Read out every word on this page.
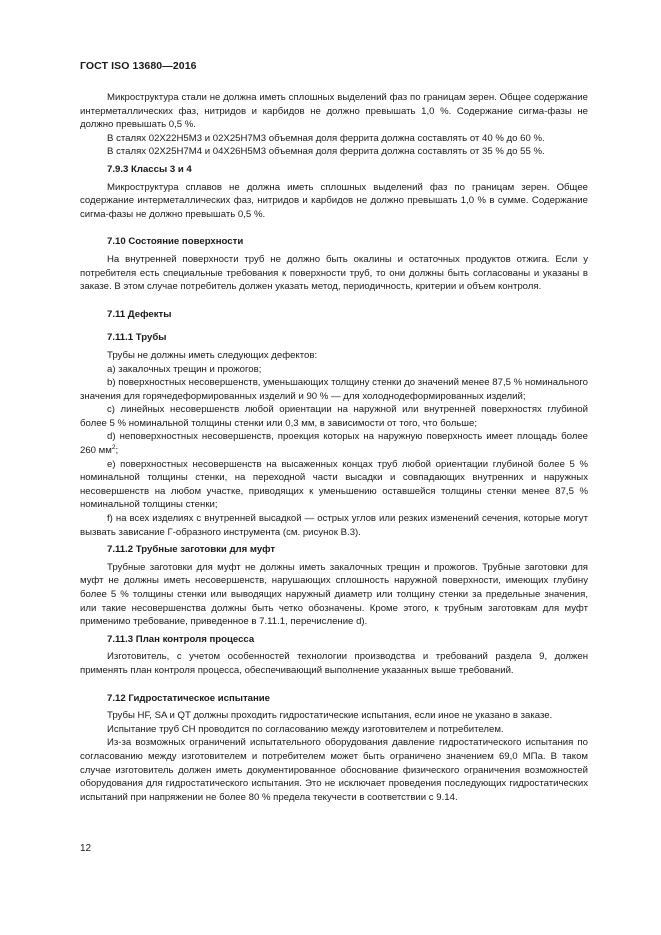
ГОСТ ISO 13680—2016

Микроструктура стали не должна иметь сплошных выделений фаз по границам зерен. Общее содержание интерметаллических фаз, нитридов и карбидов не должно превышать 1,0 %. Содержание сигма-фазы не должно превышать 0,5 %.

В сталях 02Х22Н5М3 и 02Х25Н7М3 объемная доля феррита должна составлять от 40 % до 60 %.

В сталях 02Х25Н7М4 и 04Х26Н5М3 объемная доля феррита должна составлять от 35 % до 55 %.

7.9.3 Классы 3 и 4

Микроструктура сплавов не должна иметь сплошных выделений фаз по границам зерен. Общее содержание интерметаллических фаз, нитридов и карбидов не должно превышать 1,0 % в сумме. Содержание сигма-фазы не должно превышать 0,5 %.

7.10 Состояние поверхности

На внутренней поверхности труб не должно быть окалины и остаточных продуктов отжига. Если у потребителя есть специальные требования к поверхности труб, то они должны быть согласованы и указаны в заказе. В этом случае потребитель должен указать метод, периодичность, критерии и объем контроля.

7.11 Дефекты
7.11.1 Трубы

Трубы не должны иметь следующих дефектов:

а) закалочных трещин и прожогов;

b) поверхностных несовершенств, уменьшающих толщину стенки до значений менее 87,5 % номинального значения для горячедеформированных изделий и 90 % — для холоднодеформированных изделий;

с) линейных несовершенств любой ориентации на наружной или внутренней поверхностях глубиной более 5 % номинальной толщины стенки или 0,3 мм, в зависимости от того, что больше;

d) неповерхностных несовершенств, проекция которых на наружную поверхность имеет площадь более 260 $мм^2$;

е) поверхностных несовершенств на высаженных концах труб любой ориентации глубиной более 5 % номинальной толщины стенки, на переходной части высадки и совпадающих внутренних и наружных несовершенств на любом участке, приводящих к уменьшению оставшейся толщины стенки менее 87,5 % номинальной толщины стенки;

f) на всех изделиях с внутренней высадкой — острых углов или резких изменений сечения, которые могут вызвать зависание Г-образного инструмента (см. рисунок В.3).

7.11.2 Трубные заготовки для муфт

Трубные заготовки для муфт не должны иметь закалочных трещин и прожогов. Трубные заготовки для муфт не должны иметь несовершенств, нарушающих сплошность наружной поверхности, имеющих глубину более 5 % толщины стенки или выводящих наружный диаметр или толщину стенки за предельные значения, или такие несовершенства должны быть четко обозначены. Кроме этого, к трубным заготовкам для муфт применимо требование, приведенное в 7.11.1, перечисление d).

7.11.3 План контроля процесса

Изготовитель, с учетом особенностей технологии производства и требований раздела 9, должен применять план контроля процесса, обеспечивающий выполнение указанных выше требований.

7.12 Гидростатическое испытание

Трубы HF, SA и QT должны проходить гидростатические испытания, если иное не указано в заказе.

Испытание труб СН проводится по согласованию между изготовителем и потребителем.

Из-за возможных ограничений испытательного оборудования давление гидростатического испытания по согласованию между изготовителем и потребителем может быть ограничено значением 69,0 МПа. В таком случае изготовитель должен иметь документированное обоснование физического ограничения возможностей оборудования для гидростатического испытания. Это не исключает проведения последующих гидростатических испытаний при напряжении не более 80 % предела текучести в соответствии с 9.14.

12
